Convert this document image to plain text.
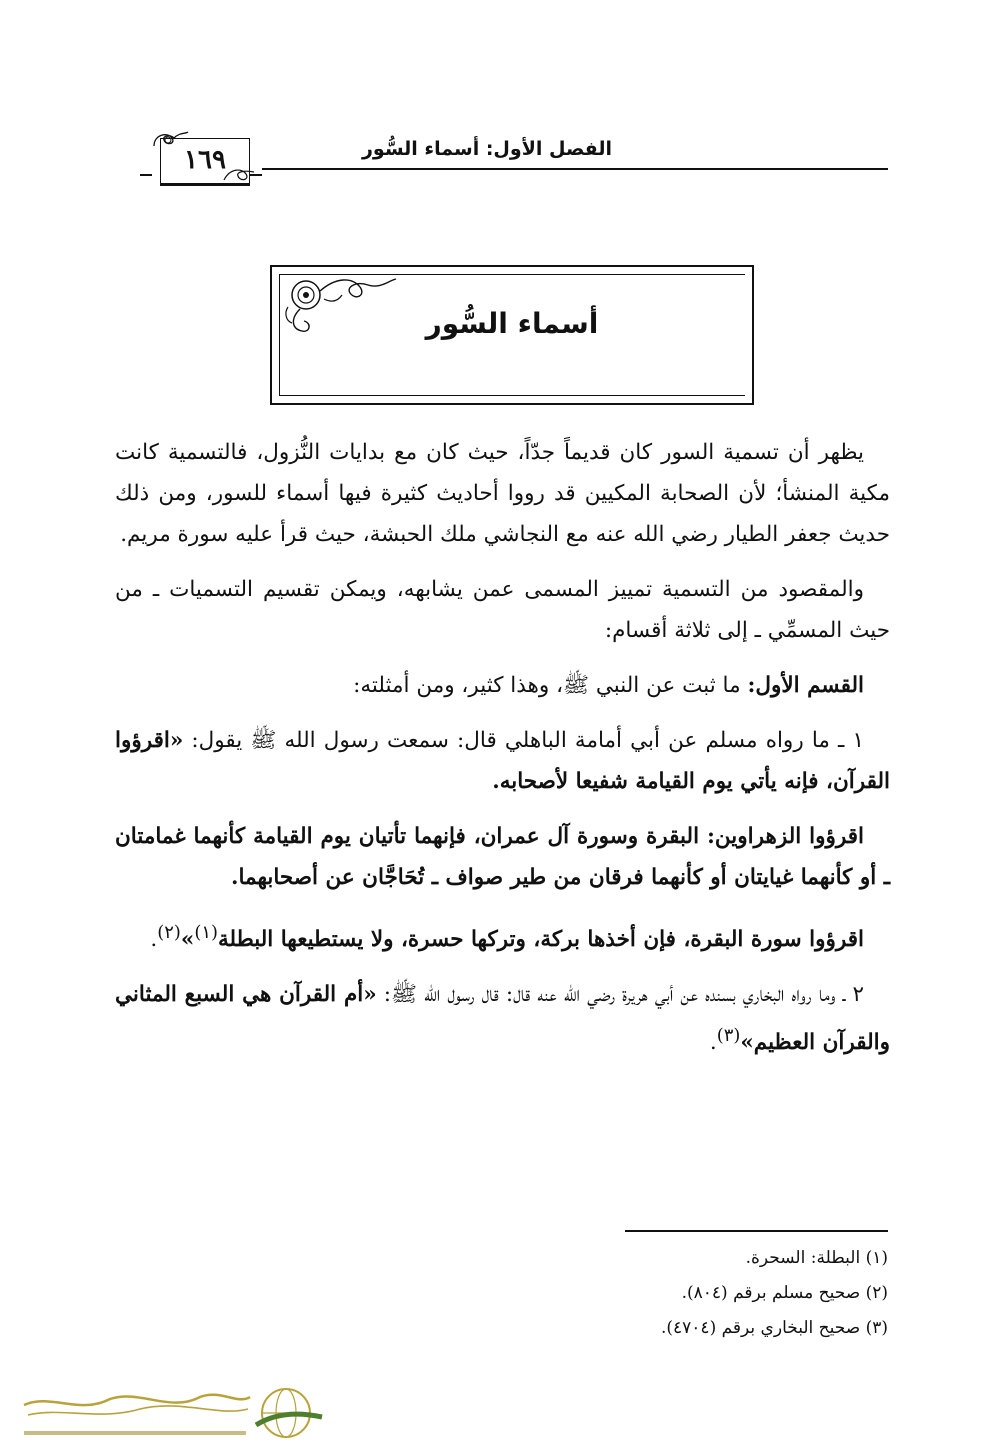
الفصل الأول: أسماء السُّور
١٦٩
أسماء السُّور

يظهر أن تسمية السور كان قديماً جدّاً، حيث كان مع بدايات النُّزول، فالتسمية كانت مكية المنشأ؛ لأن الصحابة المكيين قد رووا أحاديث كثيرة فيها أسماء للسور، ومن ذلك حديث جعفر الطيار رضي الله عنه مع النجاشي ملك الحبشة، حيث قرأ عليه سورة مريم.

والمقصود من التسمية تمييز المسمى عمن يشابهه، ويمكن تقسيم التسميات ـ من حيث المسمِّي ـ إلى ثلاثة أقسام:

القسم الأول: ما ثبت عن النبي ﷺ، وهذا كثير، ومن أمثلته:

١ ـ ما رواه مسلم عن أبي أمامة الباهلي قال: سمعت رسول الله ﷺ يقول: «اقرؤوا القرآن، فإنه يأتي يوم القيامة شفيعا لأصحابه.

اقرؤوا الزهراوين: البقرة وسورة آل عمران، فإنهما تأتيان يوم القيامة كأنهما غمامتان ـ أو كأنهما غيايتان أو كأنهما فرقان من طير صواف ـ تُحَاجَّان عن أصحابهما.

اقرؤوا سورة البقرة، فإن أخذها بركة، وتركها حسرة، ولا يستطيعها البطلة$^{(١)}$»$^{(٢)}$.

٢ ـ وما رواه البخاري بسنده عن أبي هريرة رضي الله عنه قال: قال رسول الله ﷺ: «أم القرآن هي السبع المثاني والقرآن العظيم»$^{(٣)}$.

(١) البطلة: السحرة.
(٢) صحيح مسلم برقم (٨٠٤).
(٣) صحيح البخاري برقم (٤٧٠٤).
